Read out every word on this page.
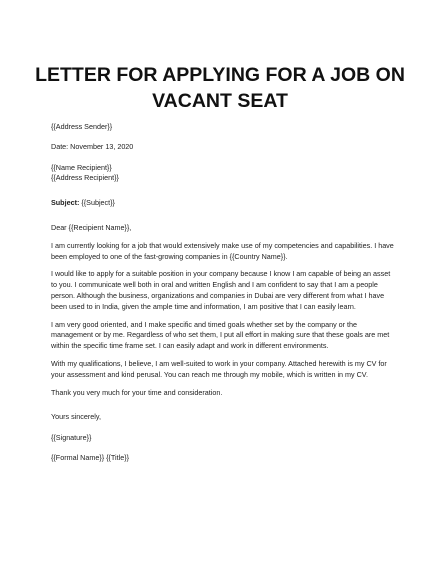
LETTER FOR APPLYING FOR A JOB ON
VACANT SEAT

{{Address Sender}}

Date: November 13, 2020

{{Name Recipient}}

{{Address Recipient}}

Subject: {{Subject}}

Dear {{Recipient Name}},

I am currently looking for a job that would extensively make use of my competencies and capabilities. I have been employed to one of the fast-growing companies in {{Country Name}}.

I would like to apply for a suitable position in your company because I know I am capable of being an asset to you. I communicate well both in oral and written English and I am confident to say that I am a people person. Although the business, organizations and companies in Dubai are very different from what I have been used to in India, given the ample time and information, I am positive that I can easily learn.

I am very good oriented, and I make specific and timed goals whether set by the company or the management or by me. Regardless of who set them, I put all effort in making sure that these goals are met within the specific time frame set. I can easily adapt and work in different environments.

With my qualifications, I believe, I am well-suited to work in your company. Attached herewith is my CV for your assessment and kind perusal. You can reach me through my mobile, which is written in my CV.

Thank you very much for your time and consideration.

Yours sincerely,

{{Signature}}

{{Formal Name}} {{Title}}
